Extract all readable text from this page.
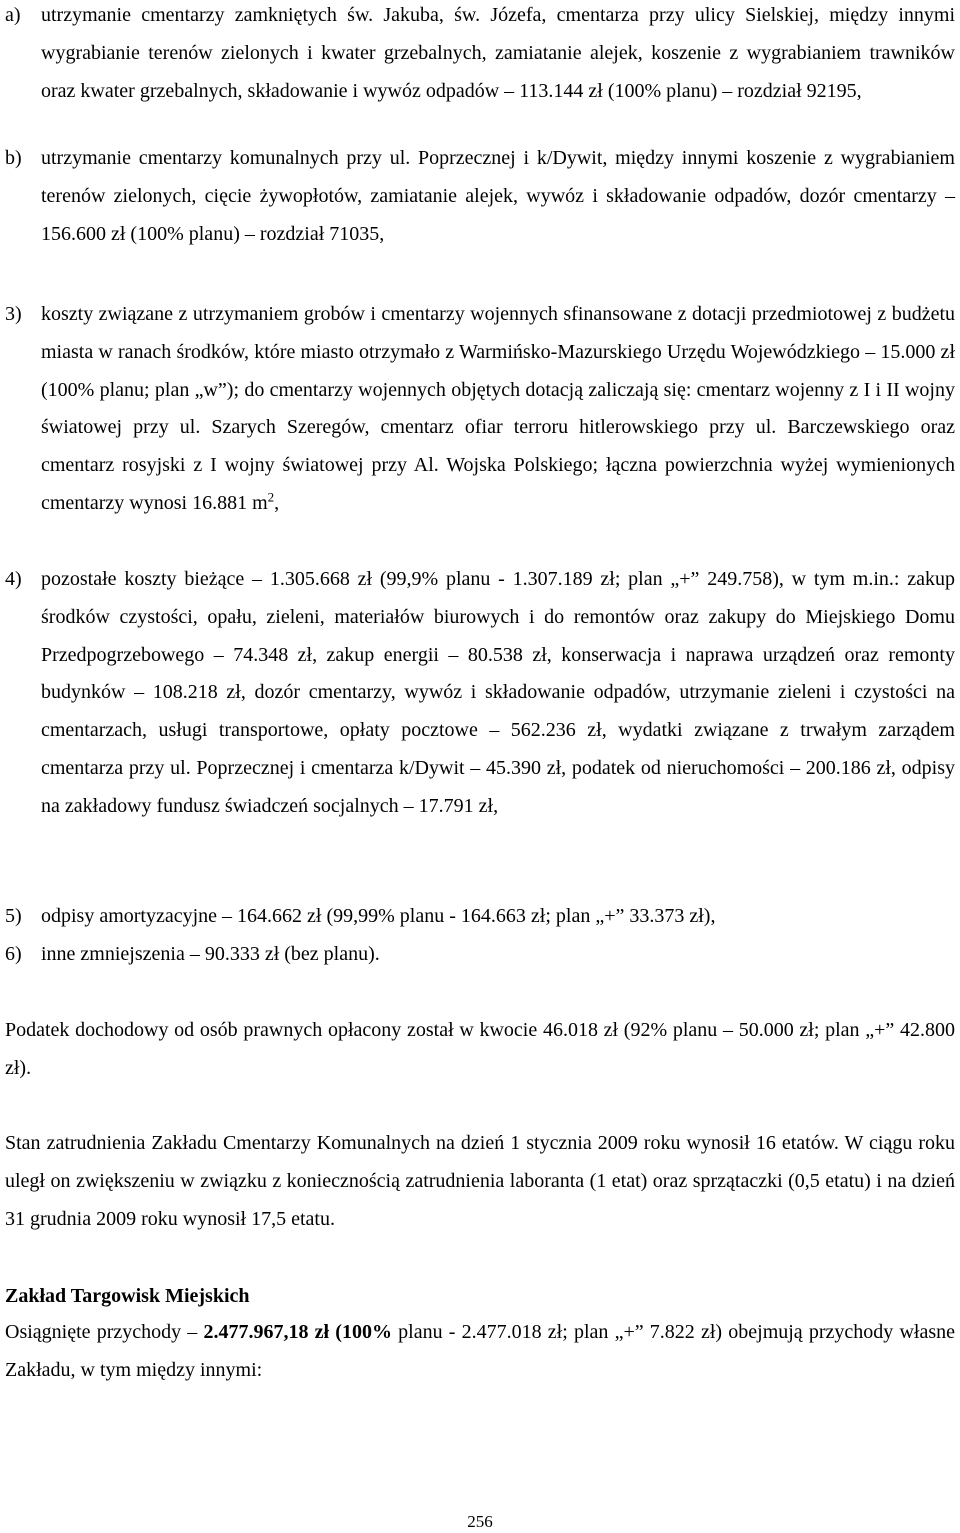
a) utrzymanie cmentarzy zamkniętych św. Jakuba, św. Józefa, cmentarza przy ulicy Sielskiej, między innymi wygrabianie terenów zielonych i kwater grzebalnych, zamiatanie alejek, koszenie z wygrabianiem trawników oraz kwater grzebalnych, składowanie i wywóz odpadów – 113.144 zł (100% planu) – rozdział 92195,
b) utrzymanie cmentarzy komunalnych przy ul. Poprzecznej i k/Dywit, między innymi koszenie z wygrabianiem terenów zielonych, cięcie żywopłotów, zamiatanie alejek, wywóz i składowanie odpadów, dozór cmentarzy – 156.600 zł (100% planu) – rozdział 71035,
3) koszty związane z utrzymaniem grobów i cmentarzy wojennych sfinansowane z dotacji przedmiotowej z budżetu miasta w ranach środków, które miasto otrzymało z Warmińsko-Mazurskiego Urzędu Wojewódzkiego – 15.000 zł (100% planu; plan „w”); do cmentarzy wojennych objętych dotacją zaliczają się: cmentarz wojenny z I i II wojny światowej przy ul. Szarych Szeregów, cmentarz ofiar terroru hitlerowskiego przy ul. Barczewskiego oraz cmentarz rosyjski z I wojny światowej przy Al. Wojska Polskiego; łączna powierzchnia wyżej wymienionych cmentarzy wynosi 16.881 $m^2$,
4) pozostałe koszty bieżące – 1.305.668 zł (99,9% planu - 1.307.189 zł; plan „+” 249.758), w tym m.in.: zakup środków czystości, opału, zieleni, materiałów biurowych i do remontów oraz zakupy do Miejskiego Domu Przedpogrzebowego – 74.348 zł, zakup energii – 80.538 zł, konserwacja i naprawa urządzeń oraz remonty budynków – 108.218 zł, dozór cmentarzy, wywóz i składowanie odpadów, utrzymanie zieleni i czystości na cmentarzach, usługi transportowe, opłaty pocztowe – 562.236 zł, wydatki związane z trwałym zarządem cmentarza przy ul. Poprzecznej i cmentarza k/Dywit – 45.390 zł, podatek od nieruchomości – 200.186 zł, odpisy na zakładowy fundusz świadczeń socjalnych – 17.791 zł,
5) odpisy amortyzacyjne – 164.662 zł (99,99% planu - 164.663 zł; plan „+” 33.373 zł),
6) inne zmniejszenia – 90.333 zł (bez planu).

Podatek dochodowy od osób prawnych opłacony został w kwocie 46.018 zł (92% planu – 50.000 zł; plan „+” 42.800 zł).

Stan zatrudnienia Zakładu Cmentarzy Komunalnych na dzień 1 stycznia 2009 roku wynosił 16 etatów. W ciągu roku uległ on zwiększeniu w związku z koniecznością zatrudnienia laboranta (1 etat) oraz sprzątaczki (0,5 etatu) i na dzień 31 grudnia 2009 roku wynosił 17,5 etatu.

Zakład Targowisk Miejskich

Osiągnięte przychody – 2.477.967,18 zł (100% planu - 2.477.018 zł; plan „+” 7.822 zł) obejmują przychody własne Zakładu, w tym między innymi:

256
